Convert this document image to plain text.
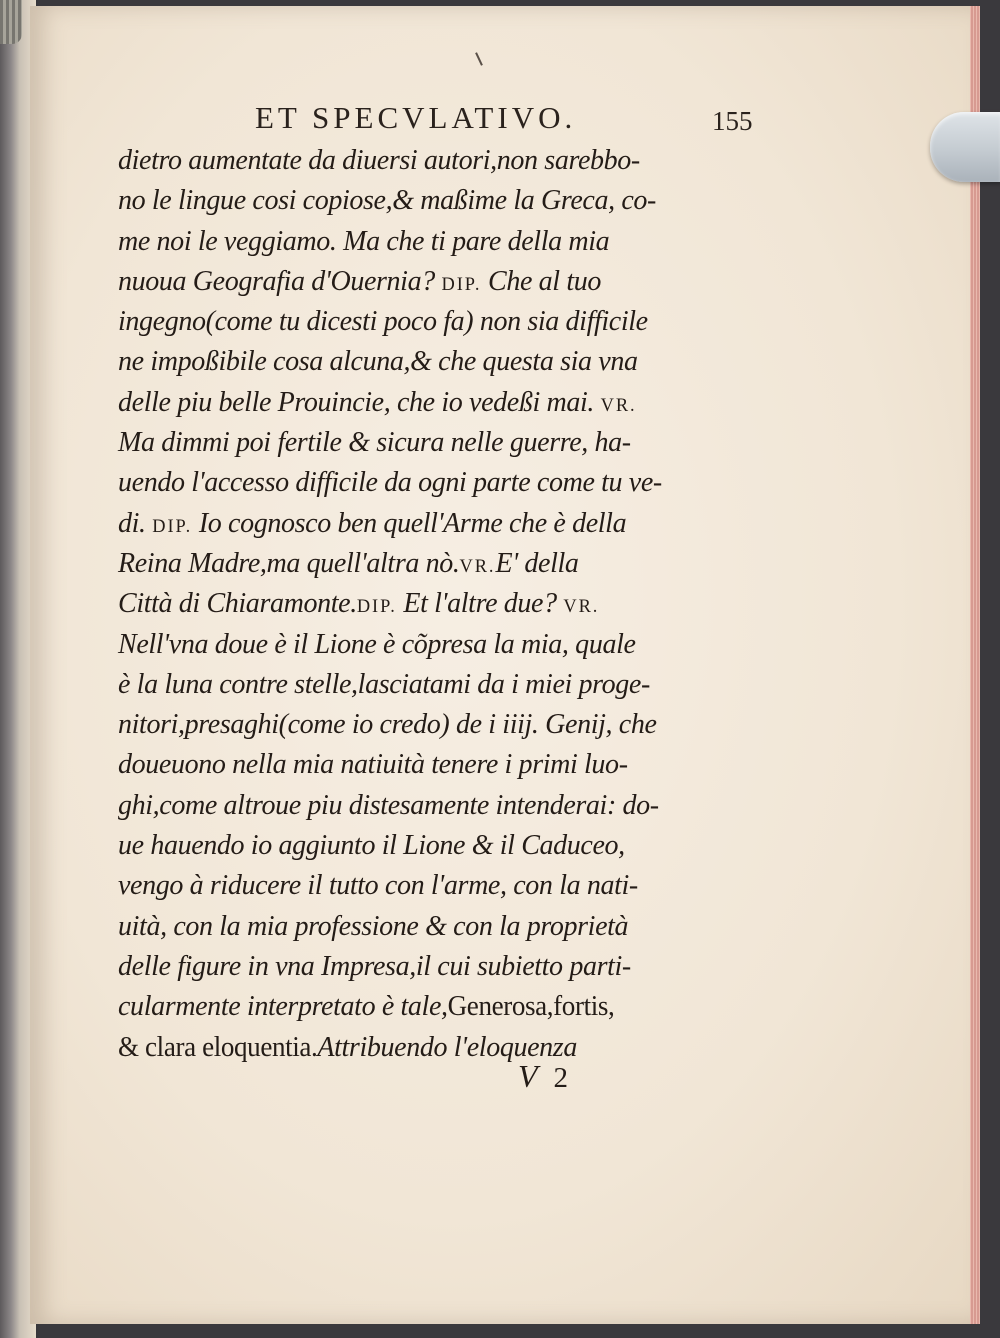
ET SPECVLATIVO.	155
dietro aumentate da diuersi autori,non sarebbo-
no le lingue cosi copiose,& maßime la Greca, co-
me noi le veggiamo. Ma che ti pare della mia
nuoua Geografia d'Ouernia? DIP. Che al tuo
ingegno(come tu dicesti poco fa) non sia difficile
ne impoßibile cosa alcuna,& che questa sia vna
delle piu belle Prouincie, che io vedeßi mai. VR.
Ma dimmi poi fertile & sicura nelle guerre, ha-
uendo l'accesso difficile da ogni parte come tu ve-
di. DIP. Io cognosco ben quell'Arme che è della
Reina Madre,ma quell'altra nò.VR.E' della
Città di Chiaramonte.DIP. Et l'altre due? VR.
Nell'vna doue è il Lione è cõpresa la mia, quale
è la luna contre stelle,lasciatami da i miei proge-
nitori,presaghi(come io credo) de i iiij. Genij, che
doueuono nella mia natiuità tenere i primi luo-
ghi,come altroue piu distesamente intenderai: do-
ue hauendo io aggiunto il Lione & il Caduceo,
vengo à riducere il tutto con l'arme, con la nati-
uità, con la mia professione & con la proprietà
delle figure in vna Impresa,il cui subietto parti-
cularmente interpretato è tale,Generosa,fortis,
& clara eloquentia.Attribuendo l'eloquenza
V 2
